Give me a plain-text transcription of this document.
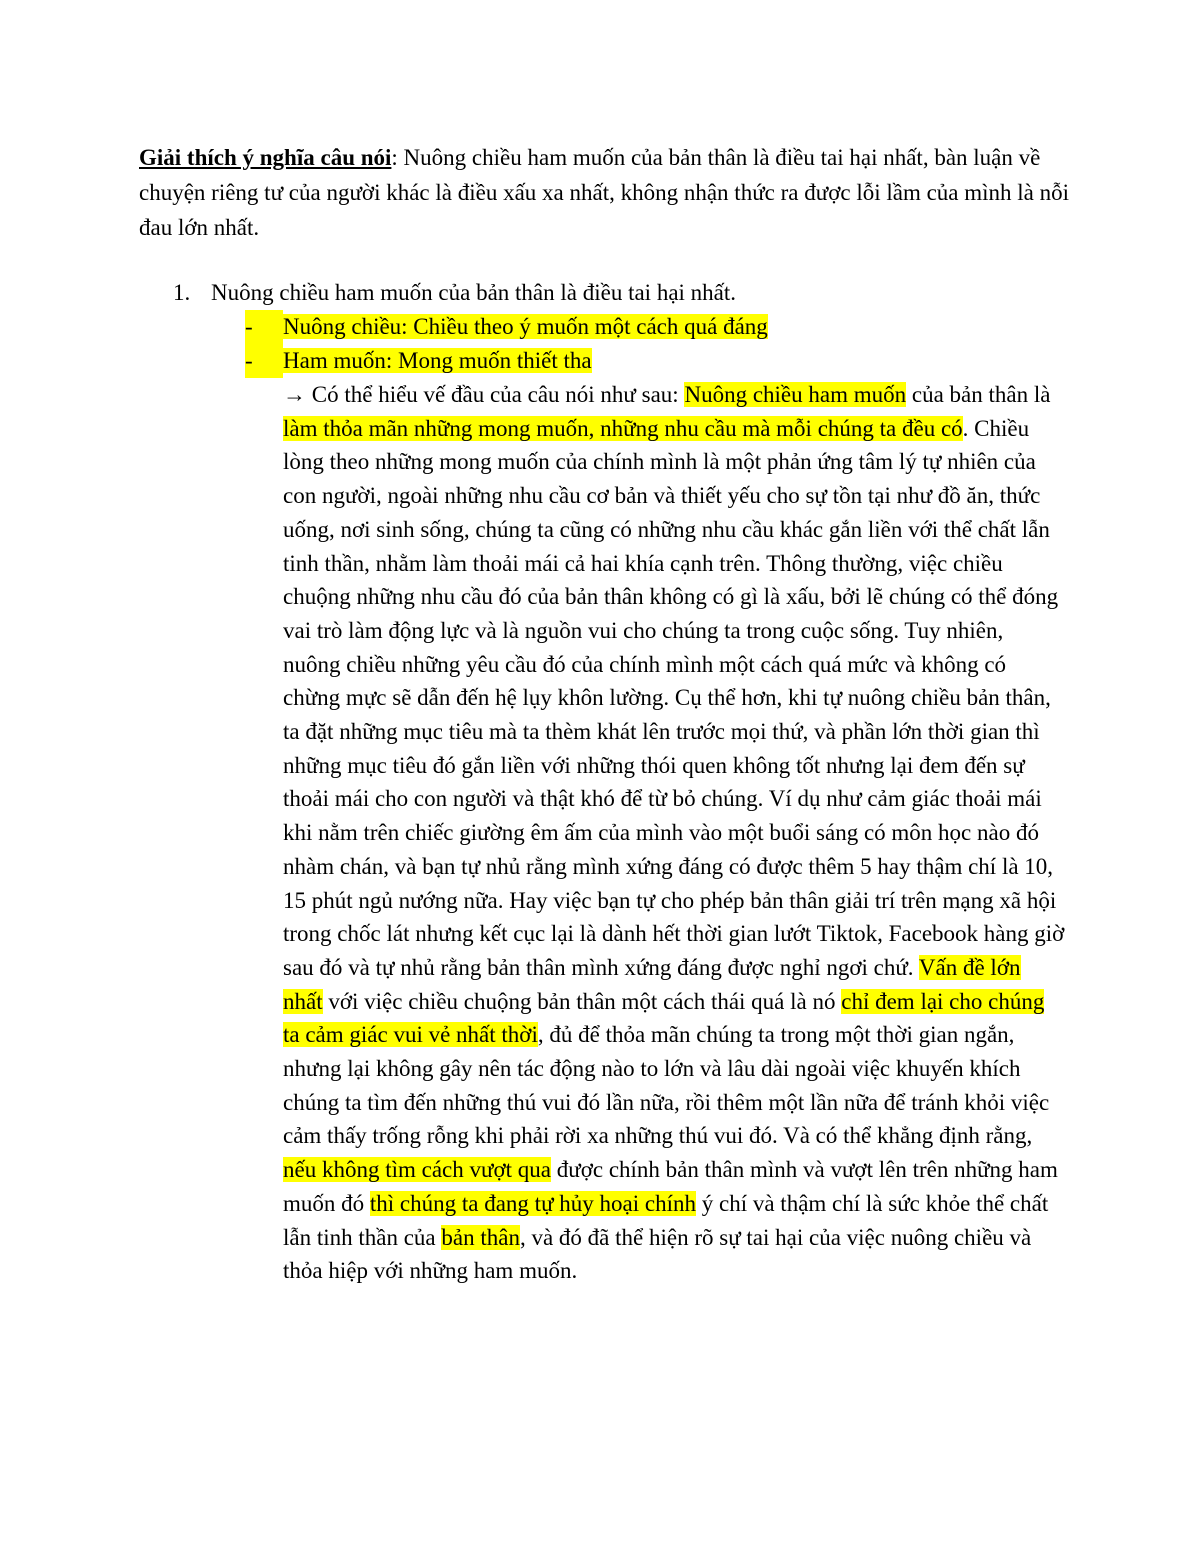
Giải thích ý nghĩa câu nói: Nuông chiều ham muốn của bản thân là điều tai hại nhất, bàn luận về chuyện riêng tư của người khác là điều xấu xa nhất, không nhận thức ra được lỗi lầm của mình là nỗi đau lớn nhất.

1. Nuông chiều ham muốn của bản thân là điều tai hại nhất.

- Nuông chiều: Chiều theo ý muốn một cách quá đáng

- Ham muốn: Mong muốn thiết tha

→ Có thể hiểu vế đầu của câu nói như sau: Nuông chiều ham muốn của bản thân là làm thỏa mãn những mong muốn, những nhu cầu mà mỗi chúng ta đều có. Chiều lòng theo những mong muốn của chính mình là một phản ứng tâm lý tự nhiên của con người, ngoài những nhu cầu cơ bản và thiết yếu cho sự tồn tại như đồ ăn, thức uống, nơi sinh sống, chúng ta cũng có những nhu cầu khác gắn liền với thể chất lẫn tinh thần, nhằm làm thoải mái cả hai khía cạnh trên. Thông thường, việc chiều chuộng những nhu cầu đó của bản thân không có gì là xấu, bởi lẽ chúng có thể đóng vai trò làm động lực và là nguồn vui cho chúng ta trong cuộc sống. Tuy nhiên, nuông chiều những yêu cầu đó của chính mình một cách quá mức và không có chừng mực sẽ dẫn đến hệ lụy khôn lường. Cụ thể hơn, khi tự nuông chiều bản thân, ta đặt những mục tiêu mà ta thèm khát lên trước mọi thứ, và phần lớn thời gian thì những mục tiêu đó gắn liền với những thói quen không tốt nhưng lại đem đến sự thoải mái cho con người và thật khó để từ bỏ chúng. Ví dụ như cảm giác thoải mái khi nằm trên chiếc giường êm ấm của mình vào một buổi sáng có môn học nào đó nhàm chán, và bạn tự nhủ rằng mình xứng đáng có được thêm 5 hay thậm chí là 10, 15 phút ngủ nướng nữa. Hay việc bạn tự cho phép bản thân giải trí trên mạng xã hội trong chốc lát nhưng kết cục lại là dành hết thời gian lướt Tiktok, Facebook hàng giờ sau đó và tự nhủ rằng bản thân mình xứng đáng được nghỉ ngơi chứ. Vấn đề lớn nhất với việc chiều chuộng bản thân một cách thái quá là nó chỉ đem lại cho chúng ta cảm giác vui vẻ nhất thời, đủ để thỏa mãn chúng ta trong một thời gian ngắn, nhưng lại không gây nên tác động nào to lớn và lâu dài ngoài việc khuyến khích chúng ta tìm đến những thú vui đó lần nữa, rồi thêm một lần nữa để tránh khỏi việc cảm thấy trống rỗng khi phải rời xa những thú vui đó. Và có thể khẳng định rằng, nếu không tìm cách vượt qua được chính bản thân mình và vượt lên trên những ham muốn đó thì chúng ta đang tự hủy hoại chính ý chí và thậm chí là sức khỏe thể chất lẫn tinh thần của bản thân, và đó đã thể hiện rõ sự tai hại của việc nuông chiều và thỏa hiệp với những ham muốn.
